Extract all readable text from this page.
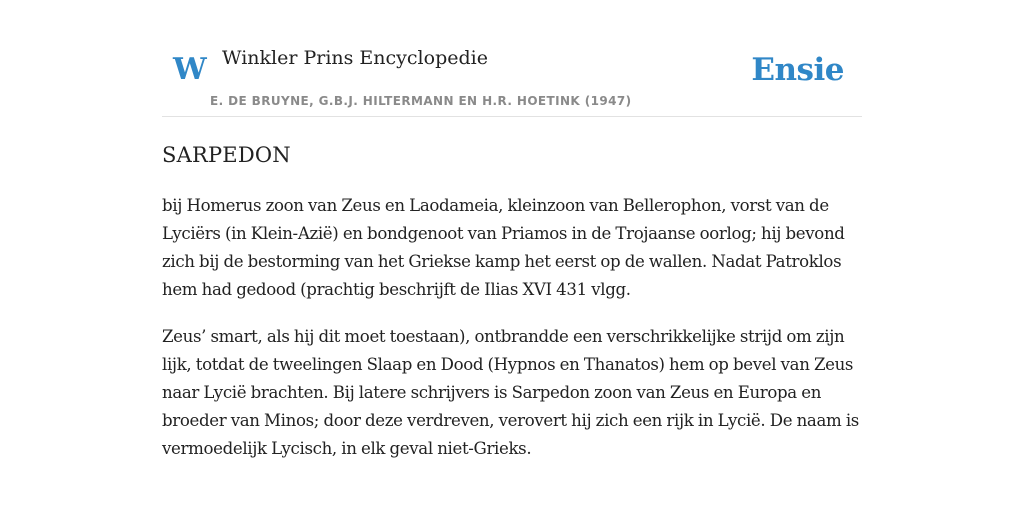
W Winkler Prins Encyclopedie
E. DE BRUYNE, G.B.J. HILTERMANN EN H.R. HOETINK (1947)
Ensie
SARPEDON

bij Homerus zoon van Zeus en Laodameia, kleinzoon van Bellerophon, vorst van de Lyciërs (in Klein-Azië) en bondgenoot van Priamos in de Trojaanse oorlog; hij bevond zich bij de bestorming van het Griekse kamp het eerst op de wallen. Nadat Patroklos hem had gedood (prachtig beschrijft de Ilias XVI 431 vlgg.

Zeus’ smart, als hij dit moet toestaan), ontbrandde een verschrikkelijke strijd om zijn lijk, totdat de tweelingen Slaap en Dood (Hypnos en Thanatos) hem op bevel van Zeus naar Lycië brachten. Bij latere schrijvers is Sarpedon zoon van Zeus en Europa en broeder van Minos; door deze verdreven, verovert hij zich een rijk in Lycië. De naam is vermoedelijk Lycisch, in elk geval niet-Grieks.
